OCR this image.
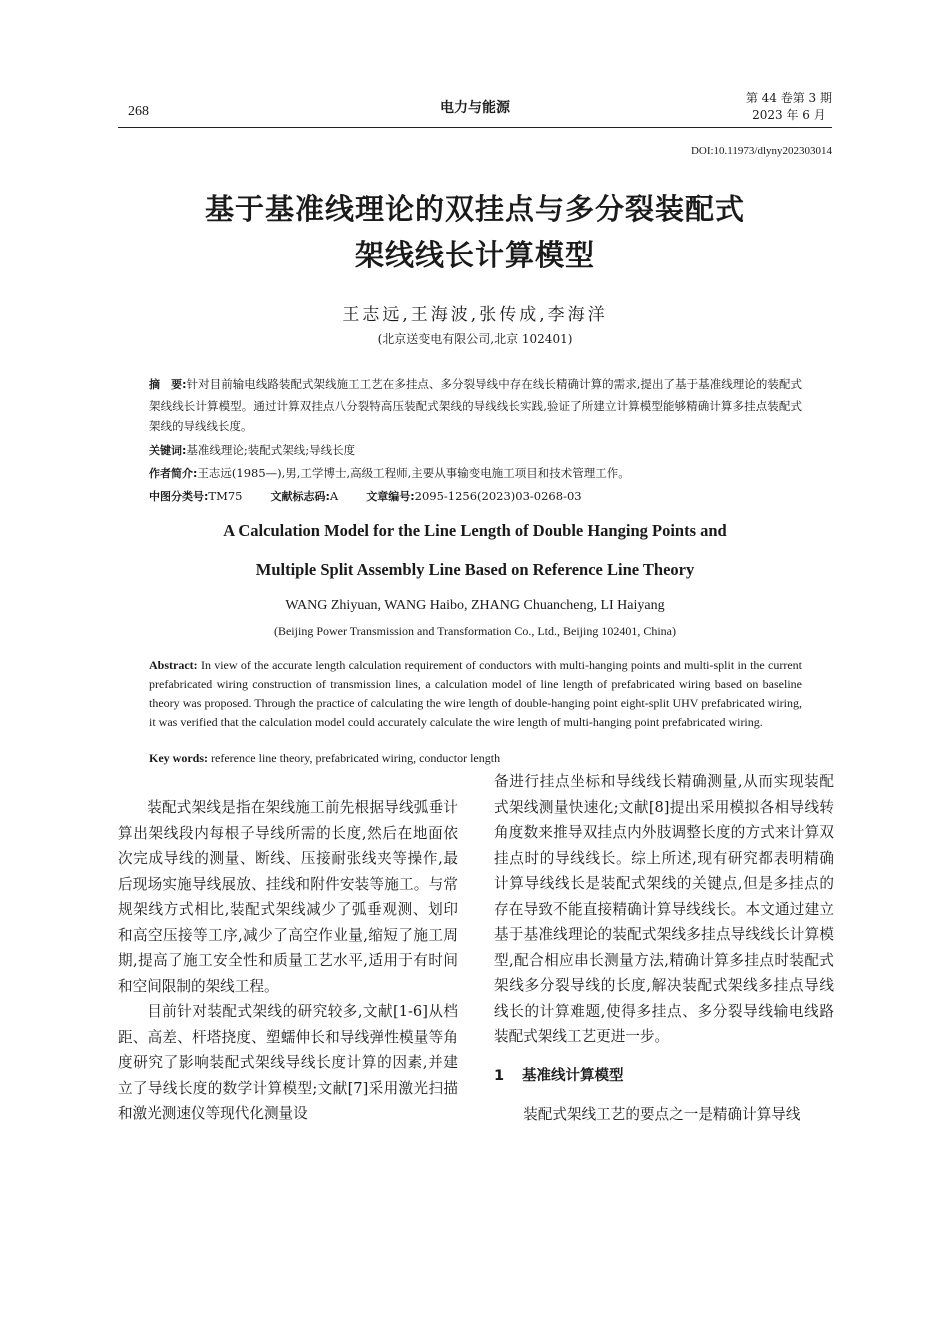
268	电力与能源
第 44 卷第 3 期
2023 年 6 月
DOI:10.11973/dlyny202303014
基于基准线理论的双挂点与多分裂装配式
架线线长计算模型
王志远,王海波,张传成,李海洋
(北京送变电有限公司,北京 102401)
摘　要:针对目前输电线路装配式架线施工工艺在多挂点、多分裂导线中存在线长精确计算的需求,提出了基于基准线理论的装配式架线线长计算模型。通过计算双挂点八分裂特高压装配式架线的导线线长实践,验证了所建立计算模型能够精确计算多挂点装配式架线的导线线长度。
关键词:基准线理论;装配式架线;导线长度
作者简介:王志远(1985—),男,工学博士,高级工程师,主要从事输变电施工项目和技术管理工作。
中图分类号:TM75	文献标志码:A	文章编号:2095-1256(2023)03-0268-03
A Calculation Model for the Line Length of Double Hanging Points and
Multiple Split Assembly Line Based on Reference Line Theory
WANG Zhiyuan, WANG Haibo, ZHANG Chuancheng, LI Haiyang
(Beijing Power Transmission and Transformation Co., Ltd., Beijing 102401, China)
Abstract: In view of the accurate length calculation requirement of conductors with multi-hanging points and multi-split in the current prefabricated wiring construction of transmission lines, a calculation model of line length of prefabricated wiring based on baseline theory was proposed. Through the practice of calculating the wire length of double-hanging point eight-split UHV prefabricated wiring, it was verified that the calculation model could accurately calculate the wire length of multi-hanging point prefabricated wiring.
Key words: reference line theory, prefabricated wiring, conductor length

装配式架线是指在架线施工前先根据导线弧垂计算出架线段内每根子导线所需的长度,然后在地面依次完成导线的测量、断线、压接耐张线夹等操作,最后现场实施导线展放、挂线和附件安装等施工。与常规架线方式相比,装配式架线减少了弧垂观测、划印和高空压接等工序,减少了高空作业量,缩短了施工周期,提高了施工安全性和质量工艺水平,适用于有时间和空间限制的架线工程。

目前针对装配式架线的研究较多,文献[1-6]从档距、高差、杆塔挠度、塑蠕伸长和导线弹性模量等角度研究了影响装配式架线导线长度计算的因素,并建立了导线长度的数学计算模型;文献[7]采用激光扫描和激光测速仪等现代化测量设

备进行挂点坐标和导线线长精确测量,从而实现装配式架线测量快速化;文献[8]提出采用模拟各相导线转角度数来推导双挂点内外肢调整长度的方式来计算双挂点时的导线线长。综上所述,现有研究都表明精确计算导线线长是装配式架线的关键点,但是多挂点的存在导致不能直接精确计算导线线长。本文通过建立基于基准线理论的装配式架线多挂点导线线长计算模型,配合相应串长测量方法,精确计算多挂点时装配式架线多分裂导线的长度,解决装配式架线多挂点导线线长的计算难题,使得多挂点、多分裂导线输电线路装配式架线工艺更进一步。

1 基准线计算模型

装配式架线工艺的要点之一是精确计算导线
